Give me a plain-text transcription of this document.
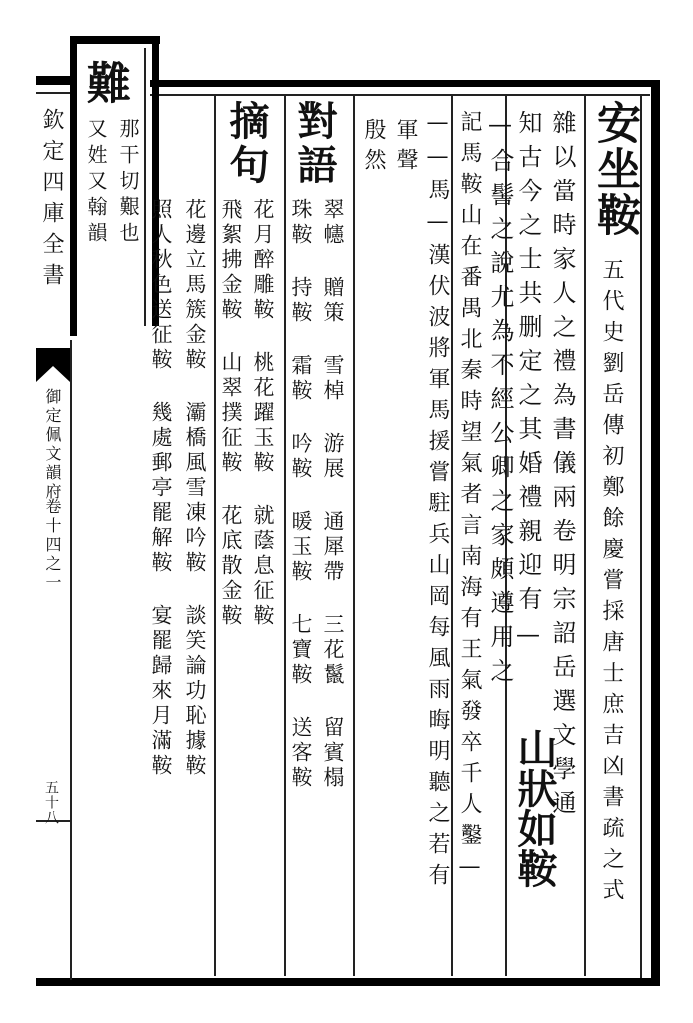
欽定四庫全書
御定佩文韻府
卷十四之一
五十八
難
那干切艱也
又姓又翰韻	安坐鞍
五代史劉岳傳初鄭餘慶嘗採唐士庶吉凶書疏之式
雜以當時家人之禮為書儀兩卷明宗詔岳選文學通
知古今之士共删定之其婚禮親迎有—
—合髻之說尤為不經公卿之家頗遵用之
山狀如鞍
記馬鞍山在番禺北秦時望氣者言南海有王氣發卒千人鑿—
——馬—漢伏波將軍馬援嘗駐兵山岡每風雨晦明聽之若有
軍聲
殷然
對語
翠幰 贈策 雪棹 游展 通犀帶 三花鬣 留賓榻
珠鞍 持鞍 霜鞍 吟鞍 暖玉鞍 七寶鞍 送客鞍
摘句
花月醉雕鞍 桃花躍玉鞍 就蔭息征鞍
飛絮拂金鞍 山翠撲征鞍 花底散金鞍
花邊立馬簇金鞍 灞橋風雪凍吟鞍 談笑論功恥據鞍
照人秋色送征鞍 幾處郵亭罷解鞍 宴罷歸來月滿鞍
